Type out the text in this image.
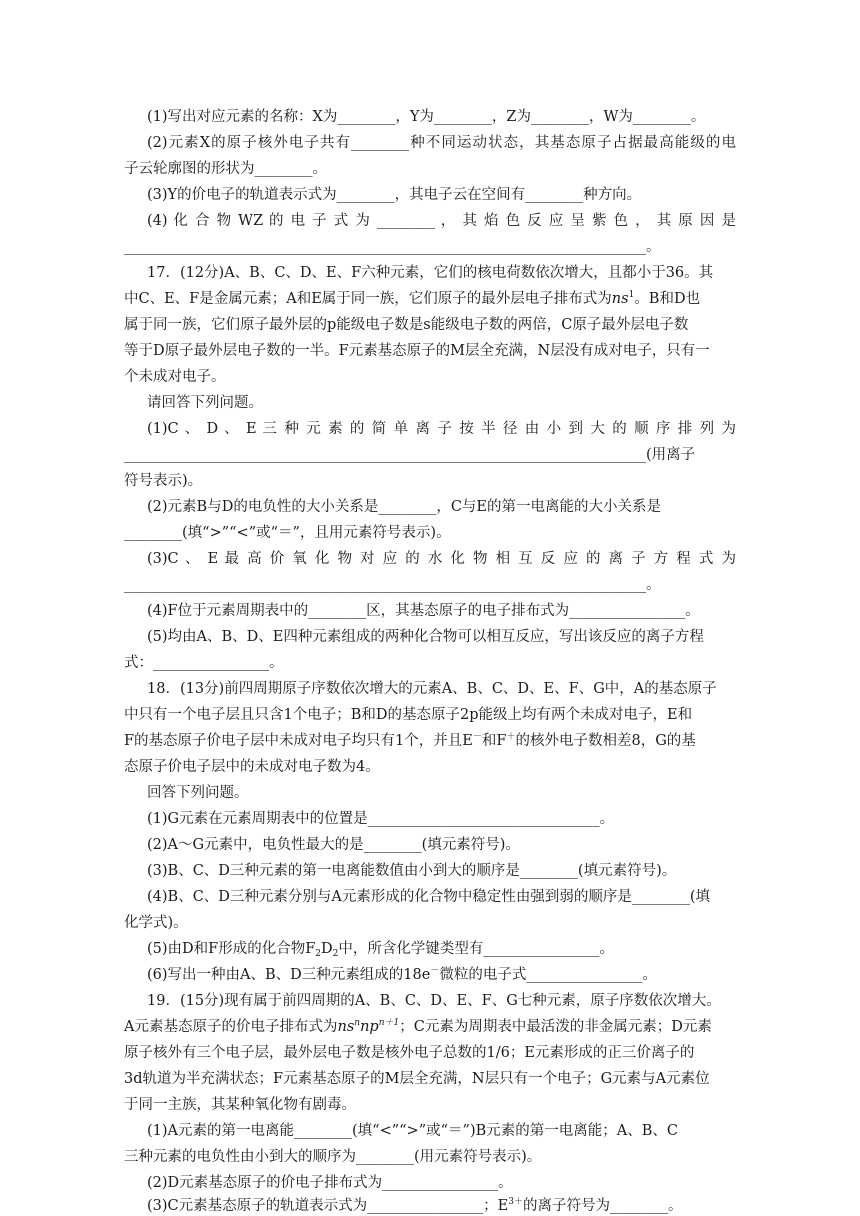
(1)写出对应元素的名称：X为________，Y为________，Z为________，W为________。
(2)元素X的原子核外电子共有________种不同运动状态，其基态原子占据最高能级的电
子云轮廓图的形状为________。
(3)Y的价电子的轨道表示式为________，其电子云在空间有________种方向。
(4) 化 合 物 WZ 的 电 子 式 为 ________ ， 其 焰 色 反 应 呈 紫 色 ， 其 原 因 是
________________________________________________________________________。
17．(12分)A、B、C、D、E、F六种元素，它们的核电荷数依次增大，且都小于36。其
中C、E、F是金属元素；A和E属于同一族，它们原子的最外层电子排布式为$ns^1$。B和D也
属于同一族，它们原子最外层的p能级电子数是s能级电子数的两倍，C原子最外层电子数
等于D原子最外层电子数的一半。F元素基态原子的M层全充满，N层没有成对电子，只有一
个未成对电子。
请回答下列问题。
(1)C 、 D 、 E 三 种 元 素 的 简 单 离 子 按 半 径 由 小 到 大 的 顺 序 排 列 为
________________________________________________________________________(用离子
符号表示)。
(2)元素B与D的电负性的大小关系是________，C与E的第一电离能的大小关系是
________(填“>”“<”或“＝”，且用元素符号表示)。
(3)C 、 E 最 高 价 氧 化 物 对 应 的 水 化 物 相 互 反 应 的 离 子 方 程 式 为
________________________________________________________________________。
(4)F位于元素周期表中的________区，其基态原子的电子排布式为________________。
(5)均由A、B、D、E四种元素组成的两种化合物可以相互反应，写出该反应的离子方程
式：________________。
18．(13分)前四周期原子序数依次增大的元素A、B、C、D、E、F、G中，A的基态原子
中只有一个电子层且只含1个电子；B和D的基态原子2p能级上均有两个未成对电子，E和
F的基态原子价电子层中未成对电子均只有1个，并且E－和F＋的核外电子数相差8，G的基
态原子价电子层中的未成对电子数为4。
回答下列问题。
(1)G元素在元素周期表中的位置是________________________________。
(2)A～G元素中，电负性最大的是________(填元素符号)。
(3)B、C、D三种元素的第一电离能数值由小到大的顺序是________(填元素符号)。
(4)B、C、D三种元素分别与A元素形成的化合物中稳定性由强到弱的顺序是________(填
化学式)。
(5)由D和F形成的化合物$F_2D_2$中，所含化学键类型有________________。
(6)写出一种由A、B、D三种元素组成的18e－微粒的电子式________________。
19．(15分)现有属于前四周期的A、B、C、D、E、F、G七种元素，原子序数依次增大。
A元素基态原子的价电子排布式为$ns^nnp^{n+1}$；C元素为周期表中最活泼的非金属元素；D元素
原子核外有三个电子层，最外层电子数是核外电子总数的1/6；E元素形成的正三价离子的
3d轨道为半充满状态；F元素基态原子的M层全充满，N层只有一个电子；G元素与A元素位
于同一主族，其某种氧化物有剧毒。
(1)A元素的第一电离能________(填“<”“>”或“＝”)B元素的第一电离能；A、B、C
三种元素的电负性由小到大的顺序为________(用元素符号表示)。
(2)D元素基态原子的价电子排布式为________________。
(3)C元素基态原子的轨道表示式为________________；$E^{3+}$的离子符号为________。
